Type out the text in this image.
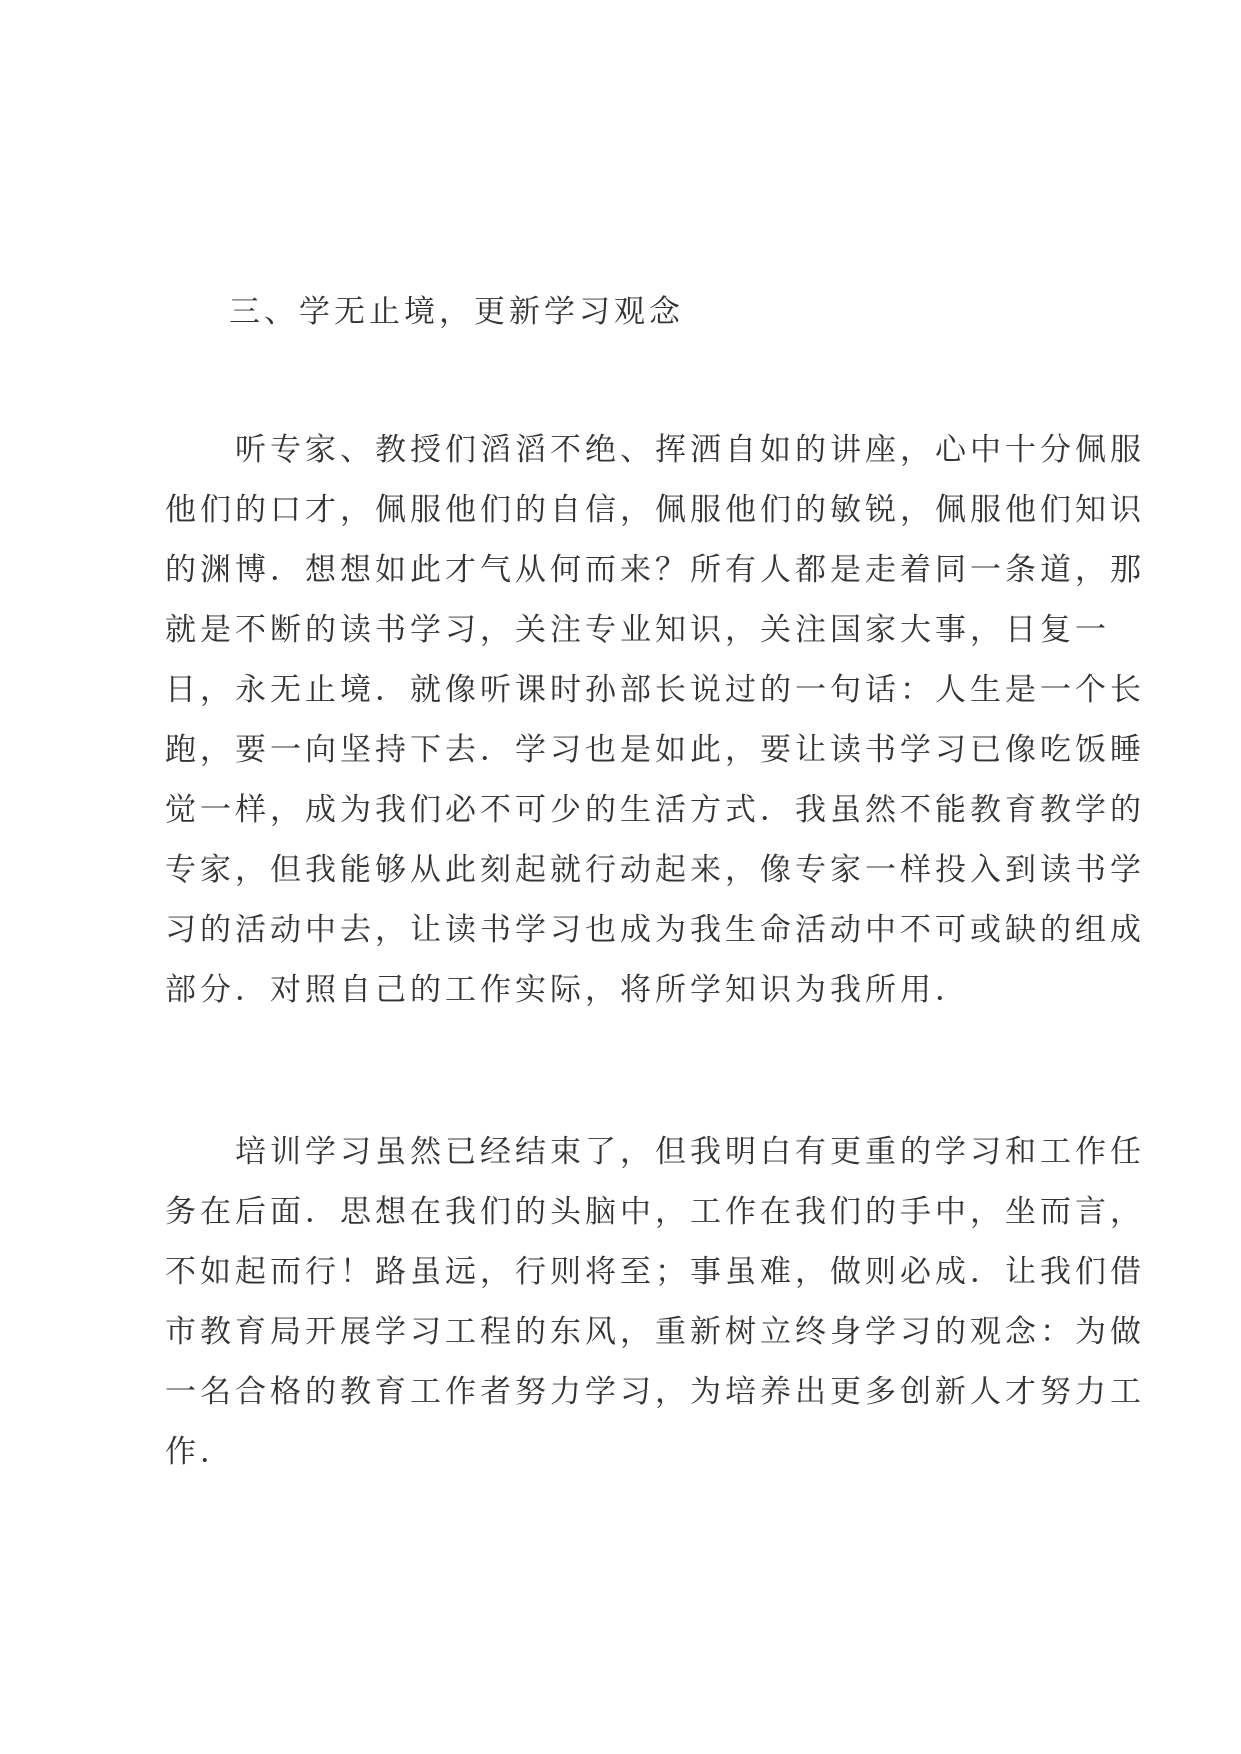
三、学无止境，更新学习观念
　　听专家、教授们滔滔不绝、挥洒自如的讲座，心中十分佩服
他们的口才，佩服他们的自信，佩服他们的敏锐，佩服他们知识
的渊博．想想如此才气从何而来？所有人都是走着同一条道，那
就是不断的读书学习，关注专业知识，关注国家大事，日复一
日，永无止境．就像听课时孙部长说过的一句话：人生是一个长
跑，要一向坚持下去．学习也是如此，要让读书学习已像吃饭睡
觉一样，成为我们必不可少的生活方式．我虽然不能教育教学的
专家，但我能够从此刻起就行动起来，像专家一样投入到读书学
习的活动中去，让读书学习也成为我生命活动中不可或缺的组成
部分．对照自己的工作实际，将所学知识为我所用．
　　培训学习虽然已经结束了，但我明白有更重的学习和工作任
务在后面．思想在我们的头脑中，工作在我们的手中，坐而言，
不如起而行！路虽远，行则将至；事虽难，做则必成．让我们借
市教育局开展学习工程的东风，重新树立终身学习的观念：为做
一名合格的教育工作者努力学习，为培养出更多创新人才努力工
作．
